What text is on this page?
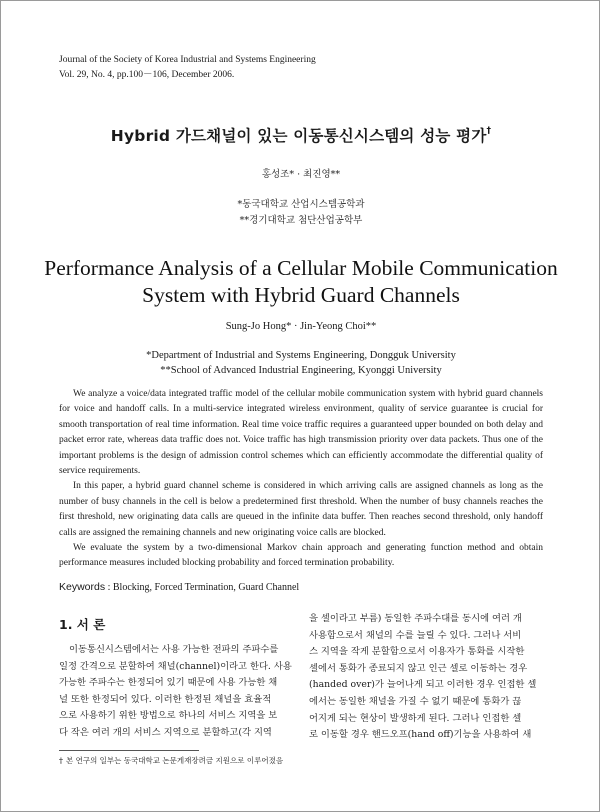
Journal of the Society of Korea Industrial and Systems Engineering
Vol. 29, No. 4, pp.100－106, December 2006.
Hybrid 가드채널이 있는 이동통신시스템의 성능 평가†
홍성조* · 최진영**
*동국대학교 산업시스템공학과
**경기대학교 첨단산업공학부
Performance Analysis of a Cellular Mobile Communication
System with Hybrid Guard Channels
Sung-Jo Hong* · Jin-Yeong Choi**
*Department of Industrial and Systems Engineering, Dongguk University
**School of Advanced Industrial Engineering, Kyonggi University

We analyze a voice/data integrated traffic model of the cellular mobile communication system with hybrid guard channels for voice and handoff calls. In a multi-service integrated wireless environment, quality of service guarantee is crucial for smooth transportation of real time information. Real time voice traffic requires a guaranteed upper bounded on both delay and packet error rate, whereas data traffic does not. Voice traffic has high transmission priority over data packets. Thus one of the important problems is the design of admission control schemes which can efficiently accommodate the differential quality of service requirements.

In this paper, a hybrid guard channel scheme is considered in which arriving calls are assigned channels as long as the number of busy channels in the cell is below a predetermined first threshold. When the number of busy channels reaches the first threshold, new originating data calls are queued in the infinite data buffer. Then reaches second threshold, only handoff calls are assigned the remaining channels and new originating voice calls are blocked.

We evaluate the system by a two-dimensional Markov chain approach and generating function method and obtain performance measures included blocking probability and forced termination probability.

Keywords : Blocking, Forced Termination, Guard Channel
1. 서 론
이동통신시스템에서는 사용 가능한 전파의 주파수를
일정 간격으로 분할하여 채널(channel)이라고 한다. 사용
가능한 주파수는 한정되어 있기 때문에 사용 가능한 채
널 또한 한정되어 있다. 이러한 한정된 채널을 효율적
으로 사용하기 위한 방법으로 하나의 서비스 지역을 보
다 작은 여러 개의 서비스 지역으로 분할하고(각 지역
을 셀이라고 부름) 동일한 주파수대를 동시에 여러 개
사용함으로서 채널의 수를 늘릴 수 있다. 그러나 서비
스 지역을 작게 분할함으로서 이용자가 통화를 시작한
셀에서 통화가 종료되지 않고 인근 셀로 이동하는 경우
(handed over)가 늘어나게 되고 이러한 경우 인접한 셀
에서는 동일한 채널을 가질 수 없기 때문에 통화가 끊
어지게 되는 현상이 발생하게 된다. 그러나 인접한 셀
로 이동할 경우 핸드오프(hand off)기능을 사용하여 새
† 본 연구의 일부는 동국대학교 논문게재장려금 지원으로 이루어졌음
